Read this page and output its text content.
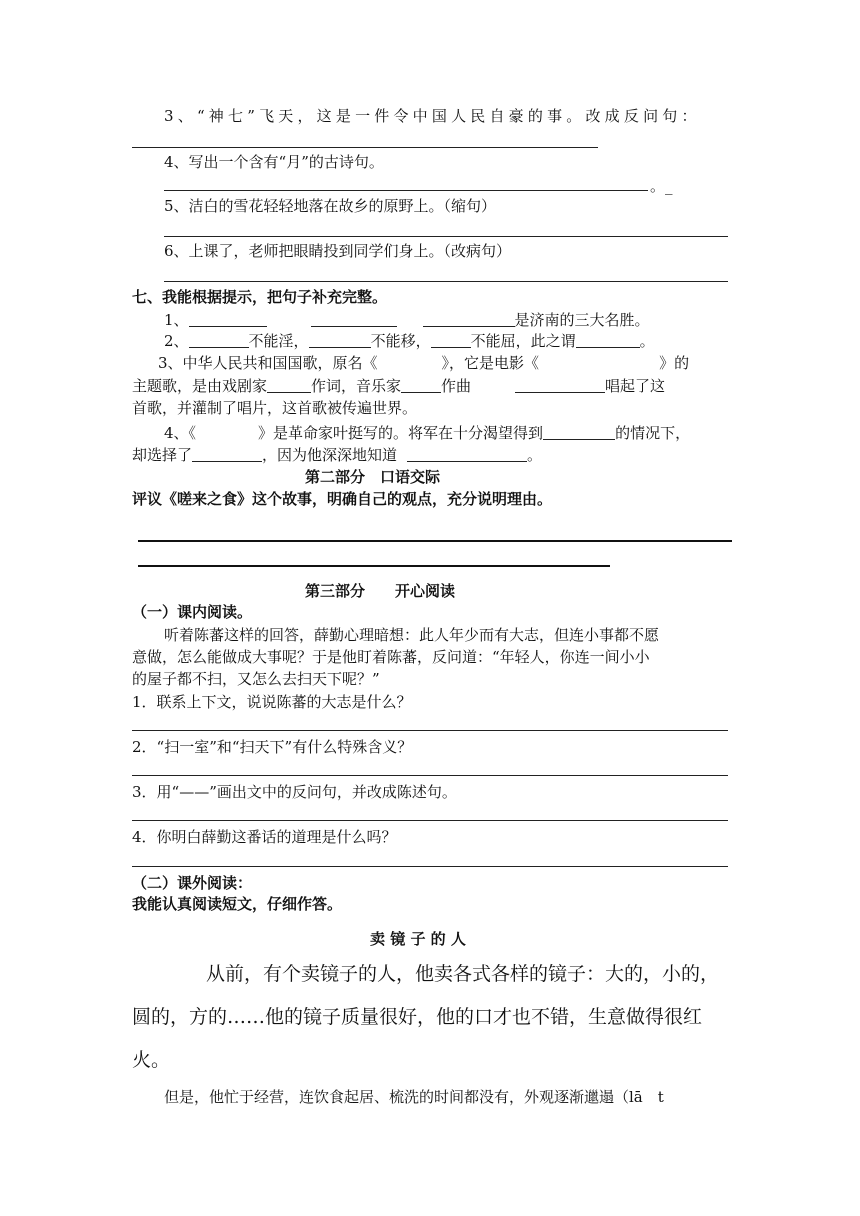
3、“神七”飞天，这是一件令中国人民自豪的事。改成反问句：
4、写出一个含有“月”的古诗句。
。_
5、洁白的雪花轻轻地落在故乡的原野上。（缩句）
6、上课了，老师把眼睛投到同学们身上。（改病句）
七、我能根据提示，把句子补充完整。
1、	是济南的三大名胜。
2、	不能淫，	不能移，	不能屈，此之谓	。
3、中华人民共和国国歌，原名《	》，它是电影《	》的
主题歌，是由戏剧家	作词，音乐家	作曲	唱起了这
首歌，并灌制了唱片，这首歌被传遍世界。
4、《	》是革命家叶挺写的。将军在十分渴望得到	的情况下，
却选择了	，因为他深深地知道	。
第二部分　口语交际
评议《嗟来之食》这个故事，明确自己的观点，充分说明理由。
第三部分　　开心阅读
（一）课内阅读。
听着陈蕃这样的回答，薛勤心理暗想：此人年少而有大志，但连小事都不愿
意做，怎么能做成大事呢？于是他盯着陈蕃，反问道：“年轻人，你连一间小小
的屋子都不扫，又怎么去扫天下呢？”
1．联系上下文，说说陈蕃的大志是什么？
2．“扫一室”和“扫天下”有什么特殊含义？
3．用“——”画出文中的反问句，并改成陈述句。
4．你明白薛勤这番话的道理是什么吗？
（二）课外阅读：
我能认真阅读短文，仔细作答。
卖 镜 子 的 人
从前，有个卖镜子的人，他卖各式各样的镜子：大的，小的，
圆的，方的……他的镜子质量很好，他的口才也不错，生意做得很红
火。
但是，他忙于经营，连饮食起居、梳洗的时间都没有，外观逐渐邋遢（lā　t
